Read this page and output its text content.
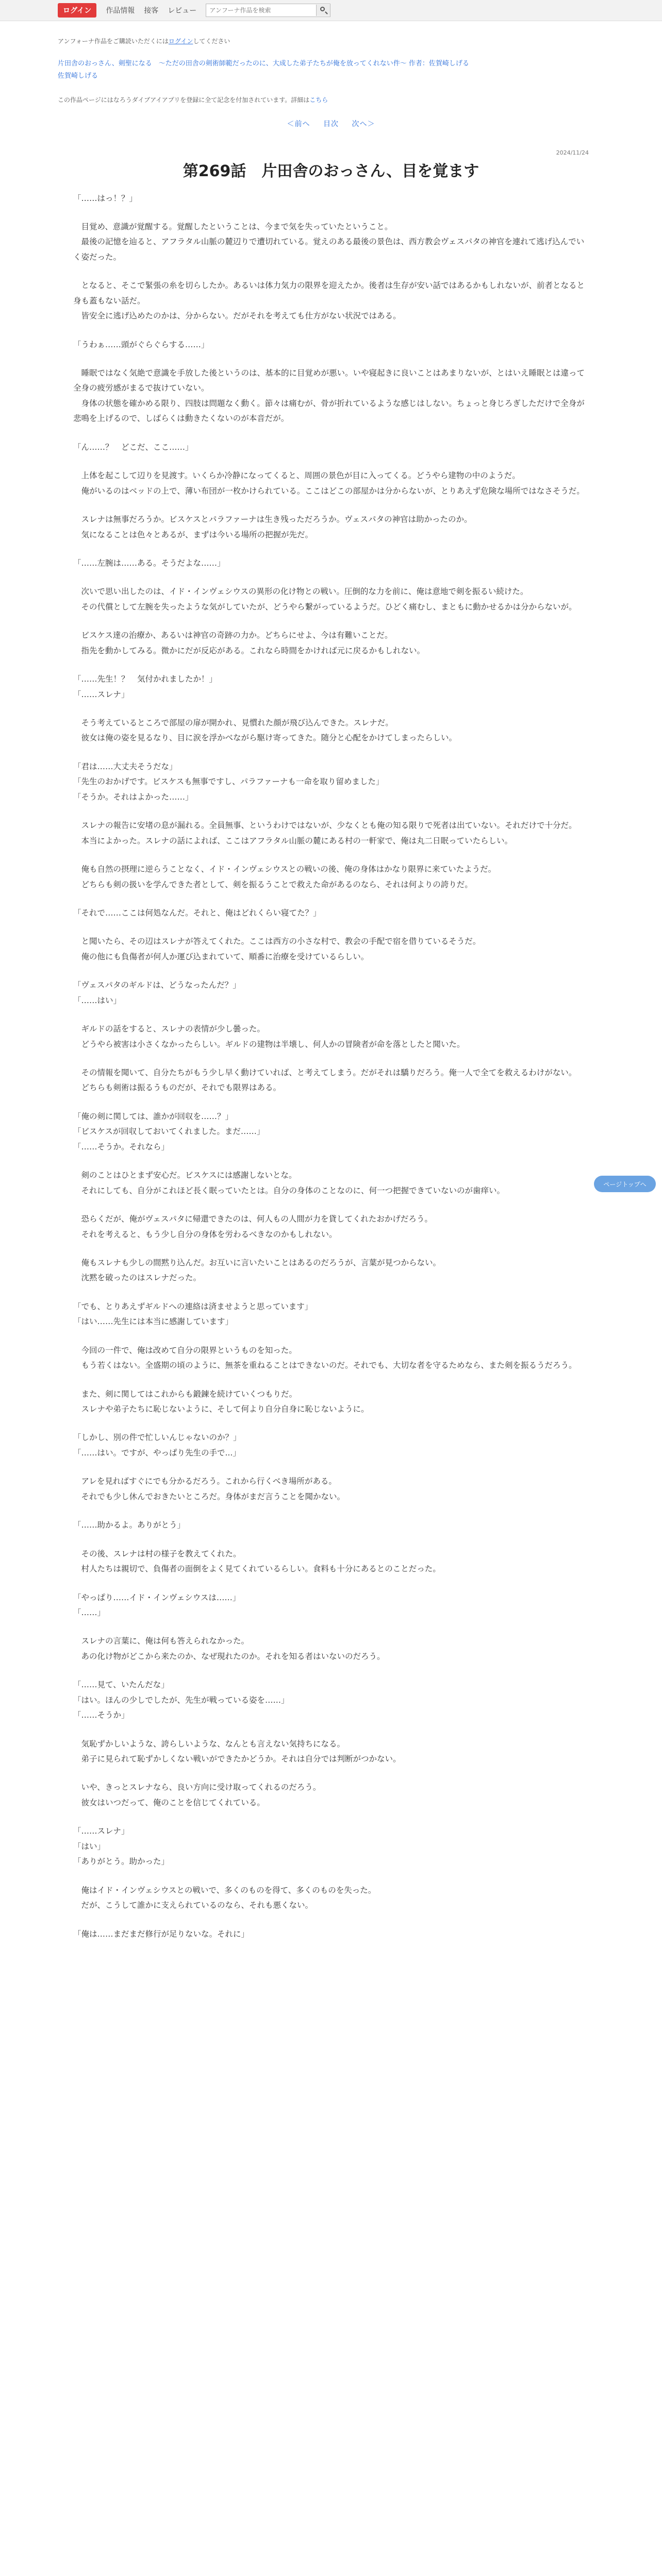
ログイン	作品情報 接客 レビュー
アンフーナ作品を検索
アンフォーナ作品をご購読いただくにはログインしてください
片田舎のおっさん、剣聖になる　～ただの田舎の剣術師範だったのに、大成した弟子たちが俺を放ってくれない件～ 作者：佐賀崎しげる
佐賀崎しげる
この作品ページにはなろうダイブアイアプリを登録に全て記念を付加されています。詳細はこちら
＜前へ 目次 次へ＞
2024/11/24
第269話　片田舎のおっさん、目を覚ます

「……はっ！？」

　目覚め、意識が覚醒する。覚醒したということは、今まで気を失っていたということ。
　最後の記憶を辿ると、アフラタル山脈の麓辺りで遭切れている。覚えのある最後の景色は、西方教会ヴェスパタの神官を連れて逃げ込んでいく姿だった。

　となると、そこで緊張の糸を切らしたか。あるいは体力気力の限界を迎えたか。後者は生存が安い話ではあるかもしれないが、前者となると身も蓋もない話だ。
　皆安全に逃げ込めたのかは、分からない。だがそれを考えても仕方がない状況ではある。

「うわぁ……頭がぐらぐらする……」

　睡眠ではなく気絶で意識を手放した後というのは、基本的に目覚めが悪い。いや寝起きに良いことはあまりないが、とはいえ睡眠とは違って全身の疲労感がまるで抜けていない。
　身体の状態を確かめる限り、四肢は問題なく動く。節々は痛むが、骨が折れているような感じはしない。ちょっと身じろぎしただけで全身が悲鳴を上げるので、しばらくは動きたくないのが本音だが。

「ん……？　どこだ、ここ……」

　上体を起こして辺りを見渡す。いくらか冷静になってくると、周囲の景色が目に入ってくる。どうやら建物の中のようだ。
　俺がいるのはベッドの上で、薄い布団が一枚かけられている。ここはどこの部屋かは分からないが、とりあえず危険な場所ではなさそうだ。

　スレナは無事だろうか。ビスケスとパラファーナは生き残っただろうか。ヴェスパタの神官は助かったのか。
　気になることは色々とあるが、まずは今いる場所の把握が先だ。

「……左腕は……ある。そうだよな……」

　次いで思い出したのは、イド・インヴェシウスの異形の化け物との戦い。圧倒的な力を前に、俺は意地で剣を振るい続けた。
　その代償として左腕を失ったような気がしていたが、どうやら繋がっているようだ。ひどく痛むし、まともに動かせるかは分からないが。

　ビスケス達の治療か、あるいは神官の奇跡の力か。どちらにせよ、今は有難いことだ。
　指先を動かしてみる。微かにだが反応がある。これなら時間をかければ元に戻るかもしれない。

「……先生！？　気付かれましたか！」
「……スレナ」

　そう考えているところで部屋の扉が開かれ、見慣れた顔が飛び込んできた。スレナだ。
　彼女は俺の姿を見るなり、目に涙を浮かべながら駆け寄ってきた。随分と心配をかけてしまったらしい。

「君は……大丈夫そうだな」
「先生のおかげです。ビスケスも無事ですし、パラファーナも一命を取り留めました」
「そうか。それはよかった……」

　スレナの報告に安堵の息が漏れる。全員無事、というわけではないが、少なくとも俺の知る限りで死者は出ていない。それだけで十分だ。
　本当によかった。スレナの話によれば、ここはアフラタル山脈の麓にある村の一軒家で、俺は丸二日眠っていたらしい。

　俺も自然の摂理に逆らうことなく、イド・インヴェシウスとの戦いの後、俺の身体はかなり限界に来ていたようだ。
　どちらも剣の扱いを学んできた者として、剣を振るうことで救えた命があるのなら、それは何よりの誇りだ。

「それで……ここは何処なんだ。それと、俺はどれくらい寝てた？」

　と聞いたら、その辺はスレナが答えてくれた。ここは西方の小さな村で、教会の手配で宿を借りているそうだ。
　俺の他にも負傷者が何人か運び込まれていて、順番に治療を受けているらしい。

「ヴェスパタのギルドは、どうなったんだ？」
「……はい」

　ギルドの話をすると、スレナの表情が少し曇った。
　どうやら被害は小さくなかったらしい。ギルドの建物は半壊し、何人かの冒険者が命を落としたと聞いた。

　その情報を聞いて、自分たちがもう少し早く動けていれば、と考えてしまう。だがそれは驕りだろう。俺一人で全てを救えるわけがない。
　どちらも剣術は振るうものだが、それでも限界はある。

「俺の剣に関しては、誰かが回収を……？」
「ビスケスが回収しておいてくれました。まだ……」
「……そうか。それなら」

　剣のことはひとまず安心だ。ビスケスには感謝しないとな。
　それにしても、自分がこれほど長く眠っていたとは。自分の身体のことなのに、何一つ把握できていないのが歯痒い。

　恐らくだが、俺がヴェスパタに帰還できたのは、何人もの人間が力を貸してくれたおかげだろう。
　それを考えると、もう少し自分の身体を労わるべきなのかもしれない。

　俺もスレナも少しの間黙り込んだ。お互いに言いたいことはあるのだろうが、言葉が見つからない。
　沈黙を破ったのはスレナだった。

「でも、とりあえずギルドへの連絡は済ませようと思っています」
「はい……先生には本当に感謝しています」

　今回の一件で、俺は改めて自分の限界というものを知った。
　もう若くはない。全盛期の頃のように、無茶を重ねることはできないのだ。それでも、大切な者を守るためなら、また剣を振るうだろう。

　また、剣に関してはこれからも鍛錬を続けていくつもりだ。
　スレナや弟子たちに恥じないように、そして何より自分自身に恥じないように。

「しかし、別の件で忙しいんじゃないのか？」
「……はい。ですが、やっぱり先生の手で...」

　アレを見ればすぐにでも分かるだろう。これから行くべき場所がある。
　それでも少し休んでおきたいところだ。身体がまだ言うことを聞かない。

「……助かるよ。ありがとう」

　その後、スレナは村の様子を教えてくれた。
　村人たちは親切で、負傷者の面倒をよく見てくれているらしい。食料も十分にあるとのことだった。

「やっぱり……イド・インヴェシウスは……」
「……」

　スレナの言葉に、俺は何も答えられなかった。
　あの化け物がどこから来たのか、なぜ現れたのか。それを知る者はいないのだろう。

「……見て、いたんだな」
「はい。ほんの少しでしたが、先生が戦っている姿を……」
「……そうか」

　気恥ずかしいような、誇らしいような、なんとも言えない気持ちになる。
　弟子に見られて恥ずかしくない戦いができたかどうか。それは自分では判断がつかない。

　いや、きっとスレナなら、良い方向に受け取ってくれるのだろう。
　彼女はいつだって、俺のことを信じてくれている。

「……スレナ」
「はい」
「ありがとう。助かった」

　俺はイド・インヴェシウスとの戦いで、多くのものを得て、多くのものを失った。
　だが、こうして誰かに支えられているのなら、それも悪くない。

「俺は……まだまだ修行が足りないな。それに」

ページトップへ
